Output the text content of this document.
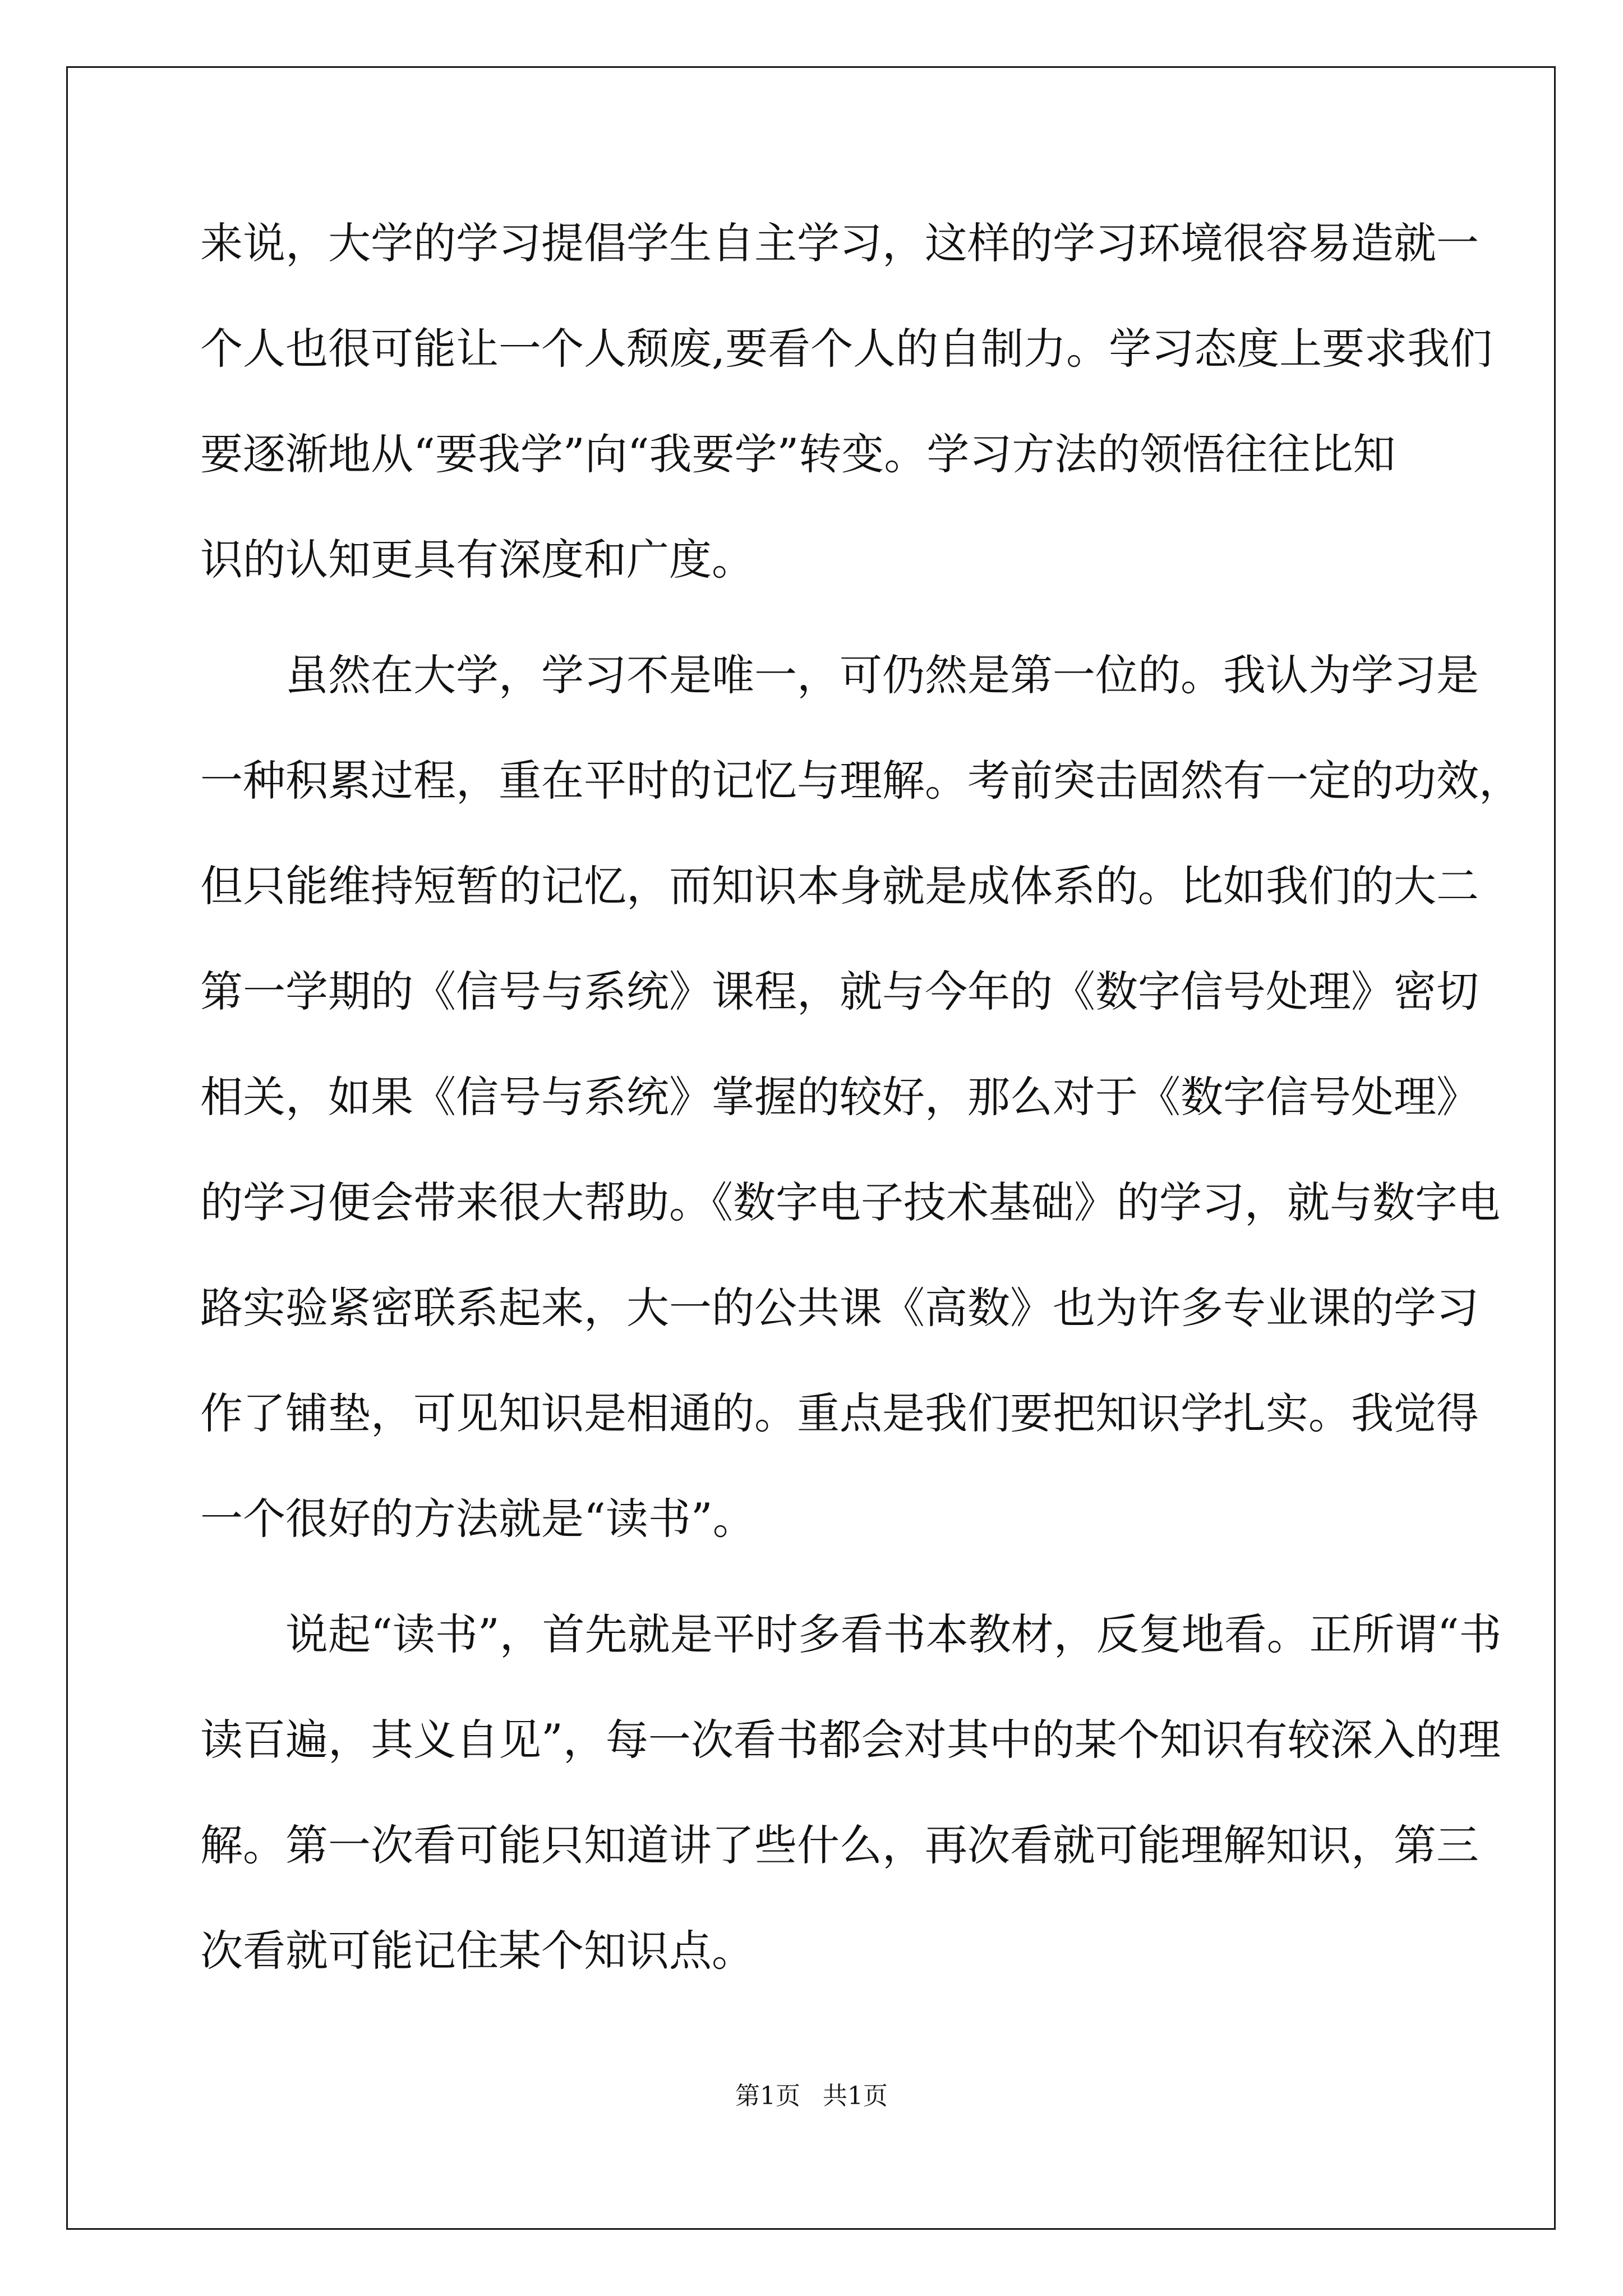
来说，大学的学习提倡学生自主学习，这样的学习环境很容易造就一
个人也很可能让一个人颓废,要看个人的自制力。学习态度上要求我们
要逐渐地从“要我学”向“我要学”转变。学习方法的领悟往往比知
识的认知更具有深度和广度。
　　虽然在大学，学习不是唯一，可仍然是第一位的。我认为学习是
一种积累过程，重在平时的记忆与理解。考前突击固然有一定的功效，
但只能维持短暂的记忆，而知识本身就是成体系的。比如我们的大二
第一学期的《信号与系统》课程，就与今年的《数字信号处理》密切
相关，如果《信号与系统》掌握的较好，那么对于《数字信号处理》
的学习便会带来很大帮助。《数字电子技术基础》的学习，就与数字电
路实验紧密联系起来，大一的公共课《高数》也为许多专业课的学习
作了铺垫，可见知识是相通的。重点是我们要把知识学扎实。我觉得
一个很好的方法就是“读书”。
　　说起“读书”，首先就是平时多看书本教材，反复地看。正所谓“书
读百遍，其义自见”，每一次看书都会对其中的某个知识有较深入的理
解。第一次看可能只知道讲了些什么，再次看就可能理解知识，第三
次看就可能记住某个知识点。
第1页 共1页
